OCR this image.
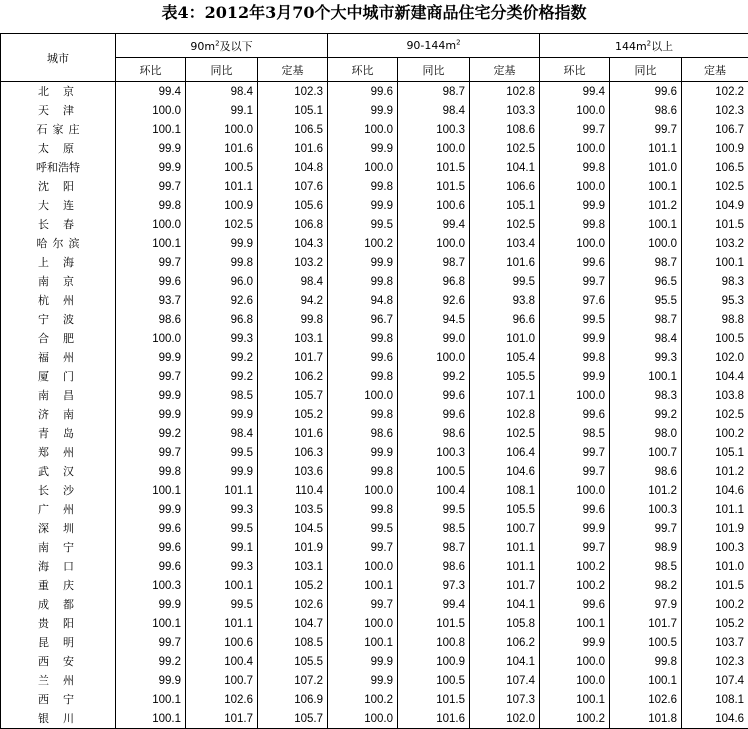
表4：2012年3月70个大中城市新建商品住宅分类价格指数
城市	$90m^2$及以下			$90-144m^2$			$144m^2$以上		
	环比	同比	定基	环比	同比	定基	环比	同比	定基
北京	99.4	98.4	102.3	99.6	98.7	102.8	99.4	99.6	102.2
天津	100.0	99.1	105.1	99.9	98.4	103.3	100.0	98.6	102.3
石家庄	100.1	100.0	106.5	100.0	100.3	108.6	99.7	99.7	106.7
太原	99.9	101.6	101.6	99.9	100.0	102.5	100.0	101.1	100.9
呼和浩特	99.9	100.5	104.8	100.0	101.5	104.1	99.8	101.0	106.5
沈阳	99.7	101.1	107.6	99.8	101.5	106.6	100.0	100.1	102.5
大连	99.8	100.9	105.6	99.9	100.6	105.1	99.9	101.2	104.9
长春	100.0	102.5	106.8	99.5	99.4	102.5	99.8	100.1	101.5
哈尔滨	100.1	99.9	104.3	100.2	100.0	103.4	100.0	100.0	103.2
上海	99.7	99.8	103.2	99.9	98.7	101.6	99.6	98.7	100.1
南京	99.6	96.0	98.4	99.8	96.8	99.5	99.7	96.5	98.3
杭州	93.7	92.6	94.2	94.8	92.6	93.8	97.6	95.5	95.3
宁波	98.6	96.8	99.8	96.7	94.5	96.6	99.5	98.7	98.8
合肥	100.0	99.3	103.1	99.8	99.0	101.0	99.9	98.4	100.5
福州	99.9	99.2	101.7	99.6	100.0	105.4	99.8	99.3	102.0
厦门	99.7	99.2	106.2	99.8	99.2	105.5	99.9	100.1	104.4
南昌	99.9	98.5	105.7	100.0	99.6	107.1	100.0	98.3	103.8
济南	99.9	99.9	105.2	99.8	99.6	102.8	99.6	99.2	102.5
青岛	99.2	98.4	101.6	98.6	98.6	102.5	98.5	98.0	100.2
郑州	99.7	99.5	106.3	99.9	100.3	106.4	99.7	100.7	105.1
武汉	99.8	99.9	103.6	99.8	100.5	104.6	99.7	98.6	101.2
长沙	100.1	101.1	110.4	100.0	100.4	108.1	100.0	101.2	104.6
广州	99.9	99.3	103.5	99.8	99.5	105.5	99.6	100.3	101.1
深圳	99.6	99.5	104.5	99.5	98.5	100.7	99.9	99.7	101.9
南宁	99.6	99.1	101.9	99.7	98.7	101.1	99.7	98.9	100.3
海口	99.6	99.3	103.1	100.0	98.6	101.1	100.2	98.5	101.0
重庆	100.3	100.1	105.2	100.1	97.3	101.7	100.2	98.2	101.5
成都	99.9	99.5	102.6	99.7	99.4	104.1	99.6	97.9	100.2
贵阳	100.1	101.1	104.7	100.0	101.5	105.8	100.1	101.7	105.2
昆明	99.7	100.6	108.5	100.1	100.8	106.2	99.9	100.5	103.7
西安	99.2	100.4	105.5	99.9	100.9	104.1	100.0	99.8	102.3
兰州	99.9	100.7	107.2	99.9	100.5	107.4	100.0	100.1	107.4
西宁	100.1	102.6	106.9	100.2	101.5	107.3	100.1	102.6	108.1
银川	100.1	101.7	105.7	100.0	101.6	102.0	100.2	101.8	104.6
